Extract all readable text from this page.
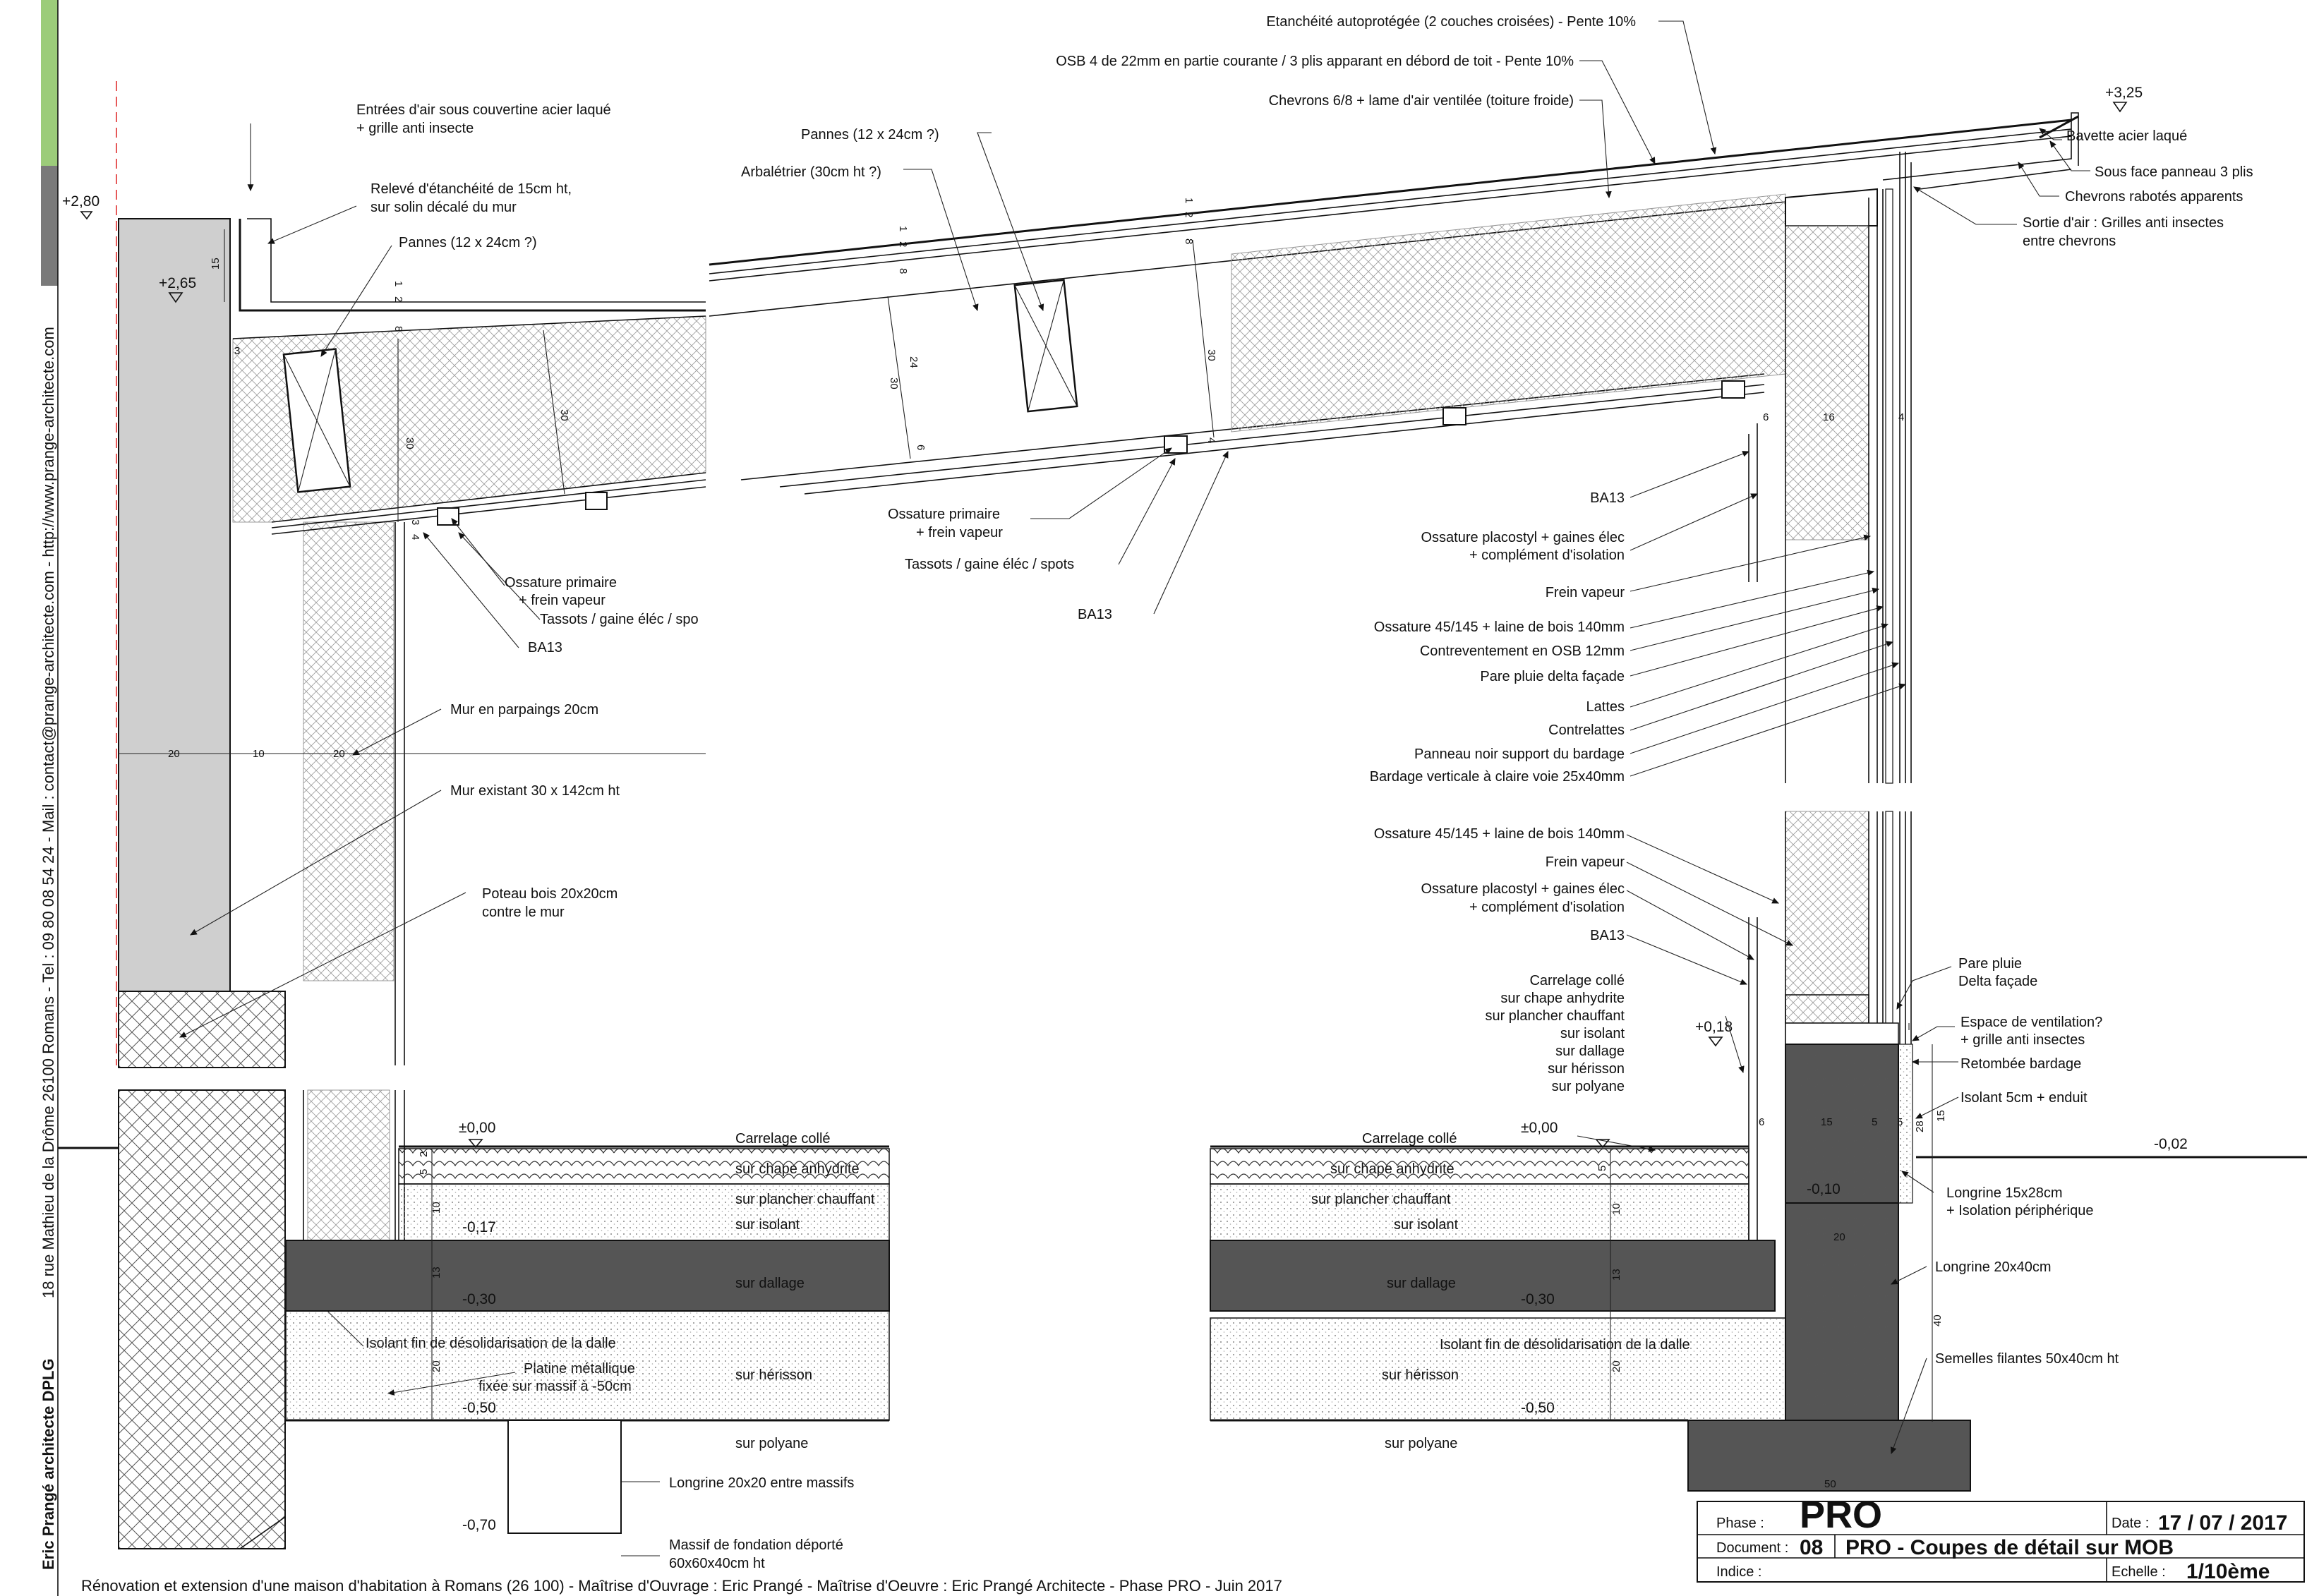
Eric Prangé architecte DPLG
18 rue Mathieu de la Drôme 26100 Romans - Tel : 09 80 08 54 24 - Mail : contact@prange-architecte.com - http://www.prange-architecte.com	20	10	20
15
30
30
1
2
8
3
3
4
+2,80
+2,65
Entrées d'air sous couvertine acier laqué
+ grille anti insecte
Relevé d'étanchéité de 15cm ht,
sur solin décalé du mur
Pannes (12 x 24cm ?)
Ossature primaire
+ frein vapeur
Tassots / gaine éléc / spo
BA13
Mur en parpaings 20cm
Mur existant 30 x 142cm ht
Poteau bois 20x20cm
contre le mur
Longrine 20x20 entre massifs
Massif de fondation déporté
60x60x40cm ht
2
5
10
13
20
±0,00
-0,17
-0,30
-0,50
-0,70
Carrelage collé
sur chape anhydrite
sur plancher chauffant
sur isolant
sur dallage
sur hérisson
sur polyane
30
30
24
6
1
2
8
1
2
8
4
Pannes (12 x 24cm ?)
Arbalétrier (30cm ht ?)
Ossature primaire
+ frein vapeur
Tassots / gaine éléc / spots
BA13
+3,25
16
6	4
Etanchéité autoprotégée (2 couches croisées) - Pente 10%
OSB 4 de 22mm en partie courante / 3 plis apparant en débord de toit - Pente 10%
Chevrons 6/8 + lame d'air ventilée (toiture froide)
Bavette acier laqué
Sous face panneau 3 plis
Chevrons rabotés apparents
Sortie d'air : Grilles anti insectes
entre chevrons
BA13
Ossature placostyl + gaines élec
+ complément d'isolation
Frein vapeur
Ossature 45/145 + laine de bois 140mm
Contreventement en OSB 12mm
Pare pluie delta façade
Lattes
Contrelattes
Panneau noir support du bardage
Bardage verticale à claire voie 25x40mm
6	15	5 5 28
15
20
40
50
+0,18
-0,02
-0,10
Ossature 45/145 + laine de bois 140mm
Frein vapeur
Ossature placostyl + gaines élec
+ complément d'isolation
BA13
Carrelage collé
sur chape anhydrite
sur plancher chauffant
sur isolant
sur dallage
sur hérisson
sur polyane
Pare pluie
Delta façade
Espace de ventilation?
+ grille anti insectes
Retombée bardage
Isolant 5cm + enduit
Longrine 15x28cm
+ Isolation périphérique
Longrine 20x40cm
Semelles filantes 50x40cm ht
5
10
13
20
±0,00
-0,30
-0,50
Carrelage collé
sur chape anhydrite
sur plancher chauffant
sur isolant
sur dallage
sur hérisson
sur polyane
Isolant fin de désolidarisation de la dalle
Phase : PRO	Date : 17 / 07 / 2017
Document : 08 PRO - Coupes de détail sur MOB
Indice :	Echelle : 1/10ème
Rénovation et extension d'une maison d'habitation à Romans (26 100) - Maîtrise d'Ouvrage : Eric Prangé - Maîtrise d'Oeuvre : Eric Prangé Architecte - Phase PRO - Juin 2017
